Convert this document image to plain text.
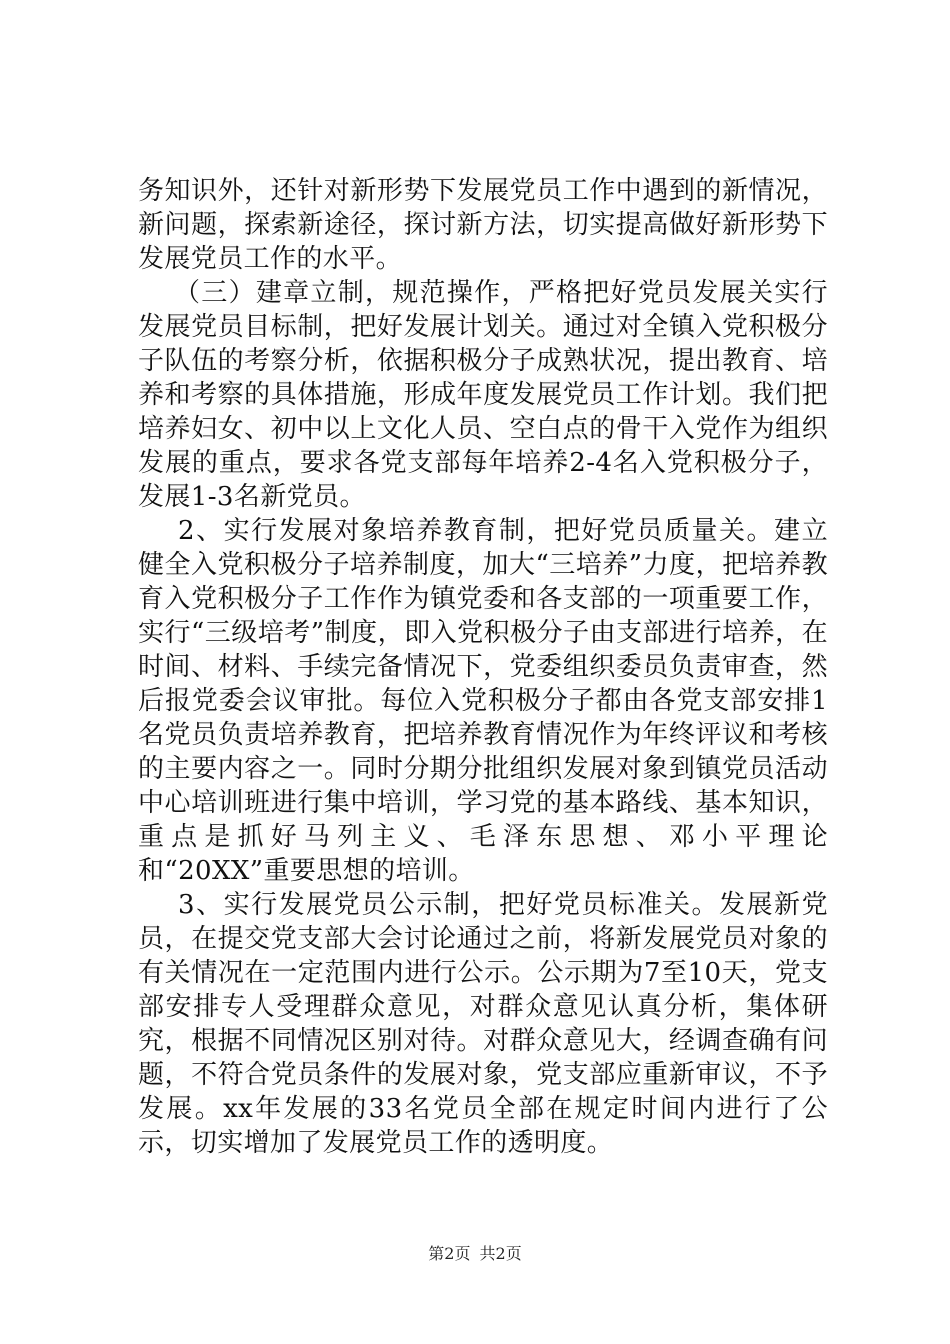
务知识外，还针对新形势下发展党员工作中遇到的新情况，新问题，探索新途径，探讨新方法，切实提高做好新形势下发展党员工作的水平。

（三）建章立制，规范操作，严格把好党员发展关实行发展党员目标制，把好发展计划关。通过对全镇入党积极分子队伍的考察分析，依据积极分子成熟状况，提出教育、培养和考察的具体措施，形成年度发展党员工作计划。我们把培养妇女、初中以上文化人员、空白点的骨干入党作为组织发展的重点，要求各党支部每年培养2-4名入党积极分子，发展1-3名新党员。

2、实行发展对象培养教育制，把好党员质量关。建立健全入党积极分子培养制度，加大“三培养”力度，把培养教育入党积极分子工作作为镇党委和各支部的一项重要工作，实行“三级培考”制度，即入党积极分子由支部进行培养，在时间、材料、手续完备情况下，党委组织委员负责审查，然后报党委会议审批。每位入党积极分子都由各党支部安排1名党员负责培养教育，把培养教育情况作为年终评议和考核的主要内容之一。同时分期分批组织发展对象到镇党员活动中心培训班进行集中培训，学习党的基本路线、基本知识，重点是抓好马列主义、毛泽东思想、邓小平理论和“20XX”重要思想的培训。

3、实行发展党员公示制，把好党员标准关。发展新党员，在提交党支部大会讨论通过之前，将新发展党员对象的有关情况在一定范围内进行公示。公示期为7至10天，党支部安排专人受理群众意见，对群众意见认真分析，集体研究，根据不同情况区别对待。对群众意见大，经调查确有问题，不符合党员条件的发展对象，党支部应重新审议，不予发展。xx年发展的33名党员全部在规定时间内进行了公示，切实增加了发展党员工作的透明度。

第2页 共2页
